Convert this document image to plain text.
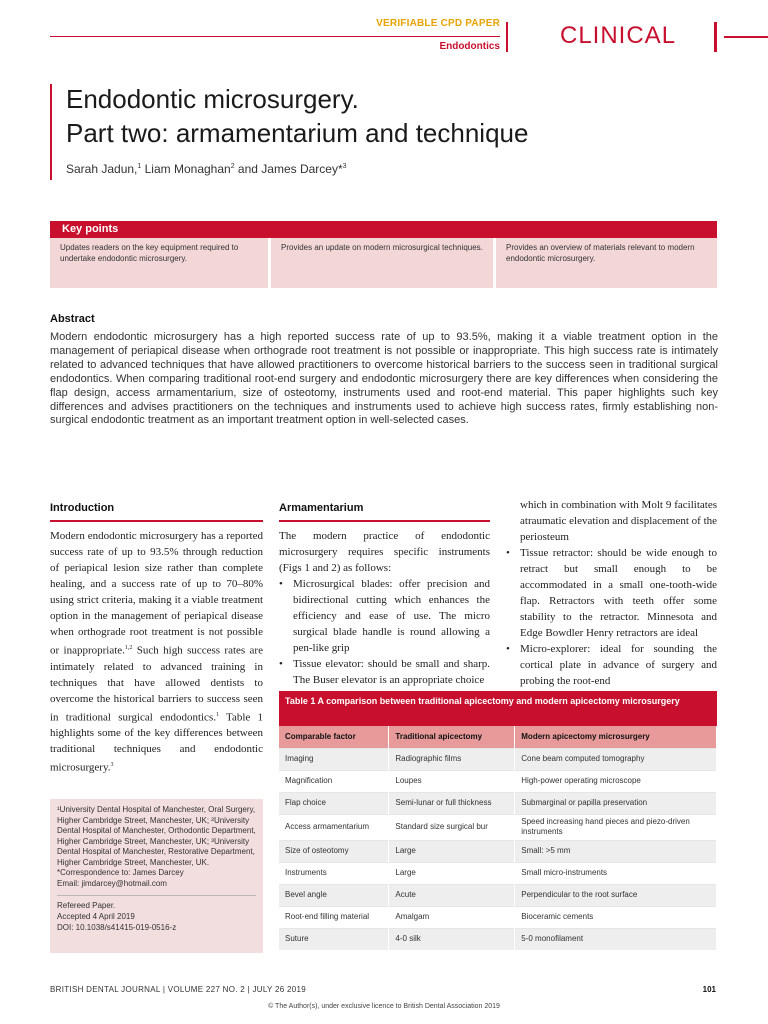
VERIFIABLE CPD PAPER
Endodontics	CLINICAL
Endodontic microsurgery.
Part two: armamentarium and technique
Sarah Jadun,$^1$ Liam Monaghan$^2$ and James Darcey*$^3$
Key points
Updates readers on the key equipment required to undertake endodontic microsurgery.
Provides an update on modern microsurgical techniques.	Provides an overview of materials relevant to modern endodontic microsurgery.
Abstract
Modern endodontic microsurgery has a high reported success rate of up to 93.5%, making it a viable treatment option in the management of periapical disease when orthograde root treatment is not possible or inappropriate. This high success rate is intimately related to advanced techniques that have allowed practitioners to overcome historical barriers to the success seen in traditional surgical endodontics. When comparing traditional root-end surgery and endodontic microsurgery there are key differences when considering the flap design, access armamentarium, size of osteotomy, instruments used and root-end material. This paper highlights such key differences and advises practitioners on the techniques and instruments used to achieve high success rates, firmly establishing non-surgical endodontic treatment as an important treatment option in well-selected cases.
Introduction
Modern endodontic microsurgery has a reported success rate of up to 93.5% through reduction of periapical lesion size rather than complete healing, and a success rate of up to 70–80% using strict criteria, making it a viable treatment option in the management of periapical disease when orthograde root treatment is not possible or inappropriate.$^{1,2}$ Such high success rates are intimately related to advanced training in techniques that have allowed dentists to overcome the historical barriers to success seen in traditional surgical endodontics.$^1$ Table 1 highlights some of the key differences between traditional techniques and endodontic microsurgery.$^3$
¹University Dental Hospital of Manchester, Oral Surgery, Higher Cambridge Street, Manchester, UK; ²University Dental Hospital of Manchester, Orthodontic Department, Higher Cambridge Street, Manchester, UK; ³University Dental Hospital of Manchester, Restorative Department, Higher Cambridge Street, Manchester, UK.
*Correspondence to: James Darcey
Email: jimdarcey@hotmail.com
Refereed Paper.
Accepted 4 April 2019
DOI: 10.1038/s41415-019-0516-z
Armamentarium
The modern practice of endodontic microsurgery requires specific instruments (Figs 1 and 2) as follows:
• Microsurgical blades: offer precision and bidirectional cutting which enhances the efficiency and ease of use. The micro surgical blade handle is round allowing a pen-like grip
• Tissue elevator: should be small and sharp. The Buser elevator is an appropriate choice
which in combination with Molt 9 facilitates atraumatic elevation and displacement of the periosteum
• Tissue retractor: should be wide enough to retract but small enough to be accommodated in a small one-tooth-wide flap. Retractors with teeth offer some stability to the retractor. Minnesota and Edge Bowdler Henry retractors are ideal
• Micro-explorer: ideal for sounding the cortical plate in advance of surgery and probing the root-end
Table 1 A comparison between traditional apicectomy and modern apicectomy microsurgery
Comparable factor	Traditional apicectomy	Modern apicectomy microsurgery
Imaging	Radiographic films	Cone beam computed tomography
Magnification	Loupes	High-power operating microscope
Flap choice	Semi-lunar or full thickness	Submarginal or papilla preservation
Access armamentarium	Standard size surgical bur	Speed increasing hand pieces and piezo-driven instruments
Size of osteotomy	Large	Small: >5 mm
Instruments	Large	Small micro-instruments
Bevel angle	Acute	Perpendicular to the root surface
Root-end filling material	Amalgam	Bioceramic cements
Suture	4-0 silk	5-0 monofilament
BRITISH DENTAL JOURNAL | VOLUME 227 NO. 2 | JULY 26 2019	101
© The Author(s), under exclusive licence to British Dental Association 2019
